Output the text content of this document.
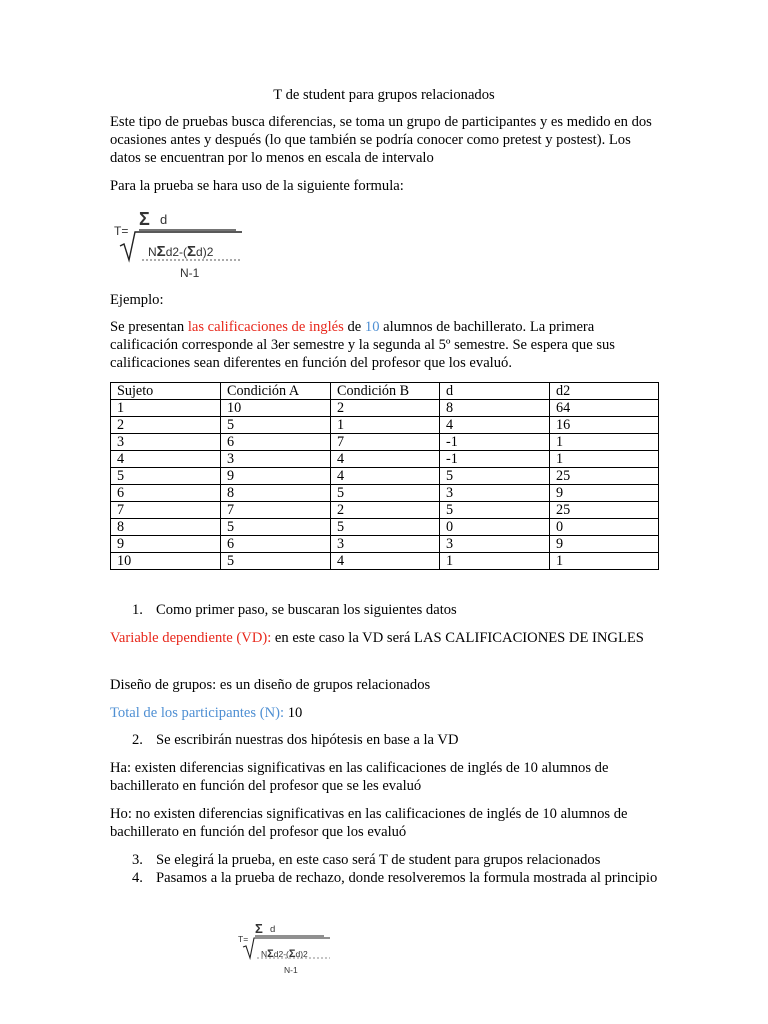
T de student para grupos relacionados

Este tipo de pruebas busca diferencias, se toma un grupo de participantes y es medido en dos ocasiones antes y después (lo que también se podría conocer como pretest y postest). Los datos se encuentran por lo menos en escala de intervalo

Para la prueba se hara uso de la siguiente formula:

T=
Σ d
NΣd2-(Σd)2
N-1

Ejemplo:

Se presentan las calificaciones de inglés de 10 alumnos de bachillerato. La primera calificación corresponde al 3er semestre y la segunda al 5º semestre. Se espera que sus calificaciones sean diferentes en función del profesor que los evaluó.

Sujeto	Condición A	Condición B	d	d2
1	10	2	8	64
2	5	1	4	16
3	6	7	-1	1
4	3	4	-1	1
5	9	4	5	25
6	8	5	3	9
7	7	2	5	25
8	5	5	0	0
9	6	3	3	9
10	5	4	1	1
1. Como primer paso, se buscaran los siguientes datos

Variable dependiente (VD): en este caso la VD será LAS CALIFICACIONES DE INGLES

Diseño de grupos: es un diseño de grupos relacionados

Total de los participantes (N): 10

2. Se escribirán nuestras dos hipótesis en base a la VD

Ha: existen diferencias significativas en las calificaciones de inglés de 10 alumnos de bachillerato en función del profesor que se les evaluó

Ho: no existen diferencias significativas en las calificaciones de inglés de 10 alumnos de bachillerato en función del profesor que los evaluó

3. Se elegirá la prueba, en este caso será T de student para grupos relacionados
4. Pasamos a la prueba de rechazo, donde resolveremos la formula mostrada al principio
T=
Σ d
NΣd2-(Σd)2
N-1
